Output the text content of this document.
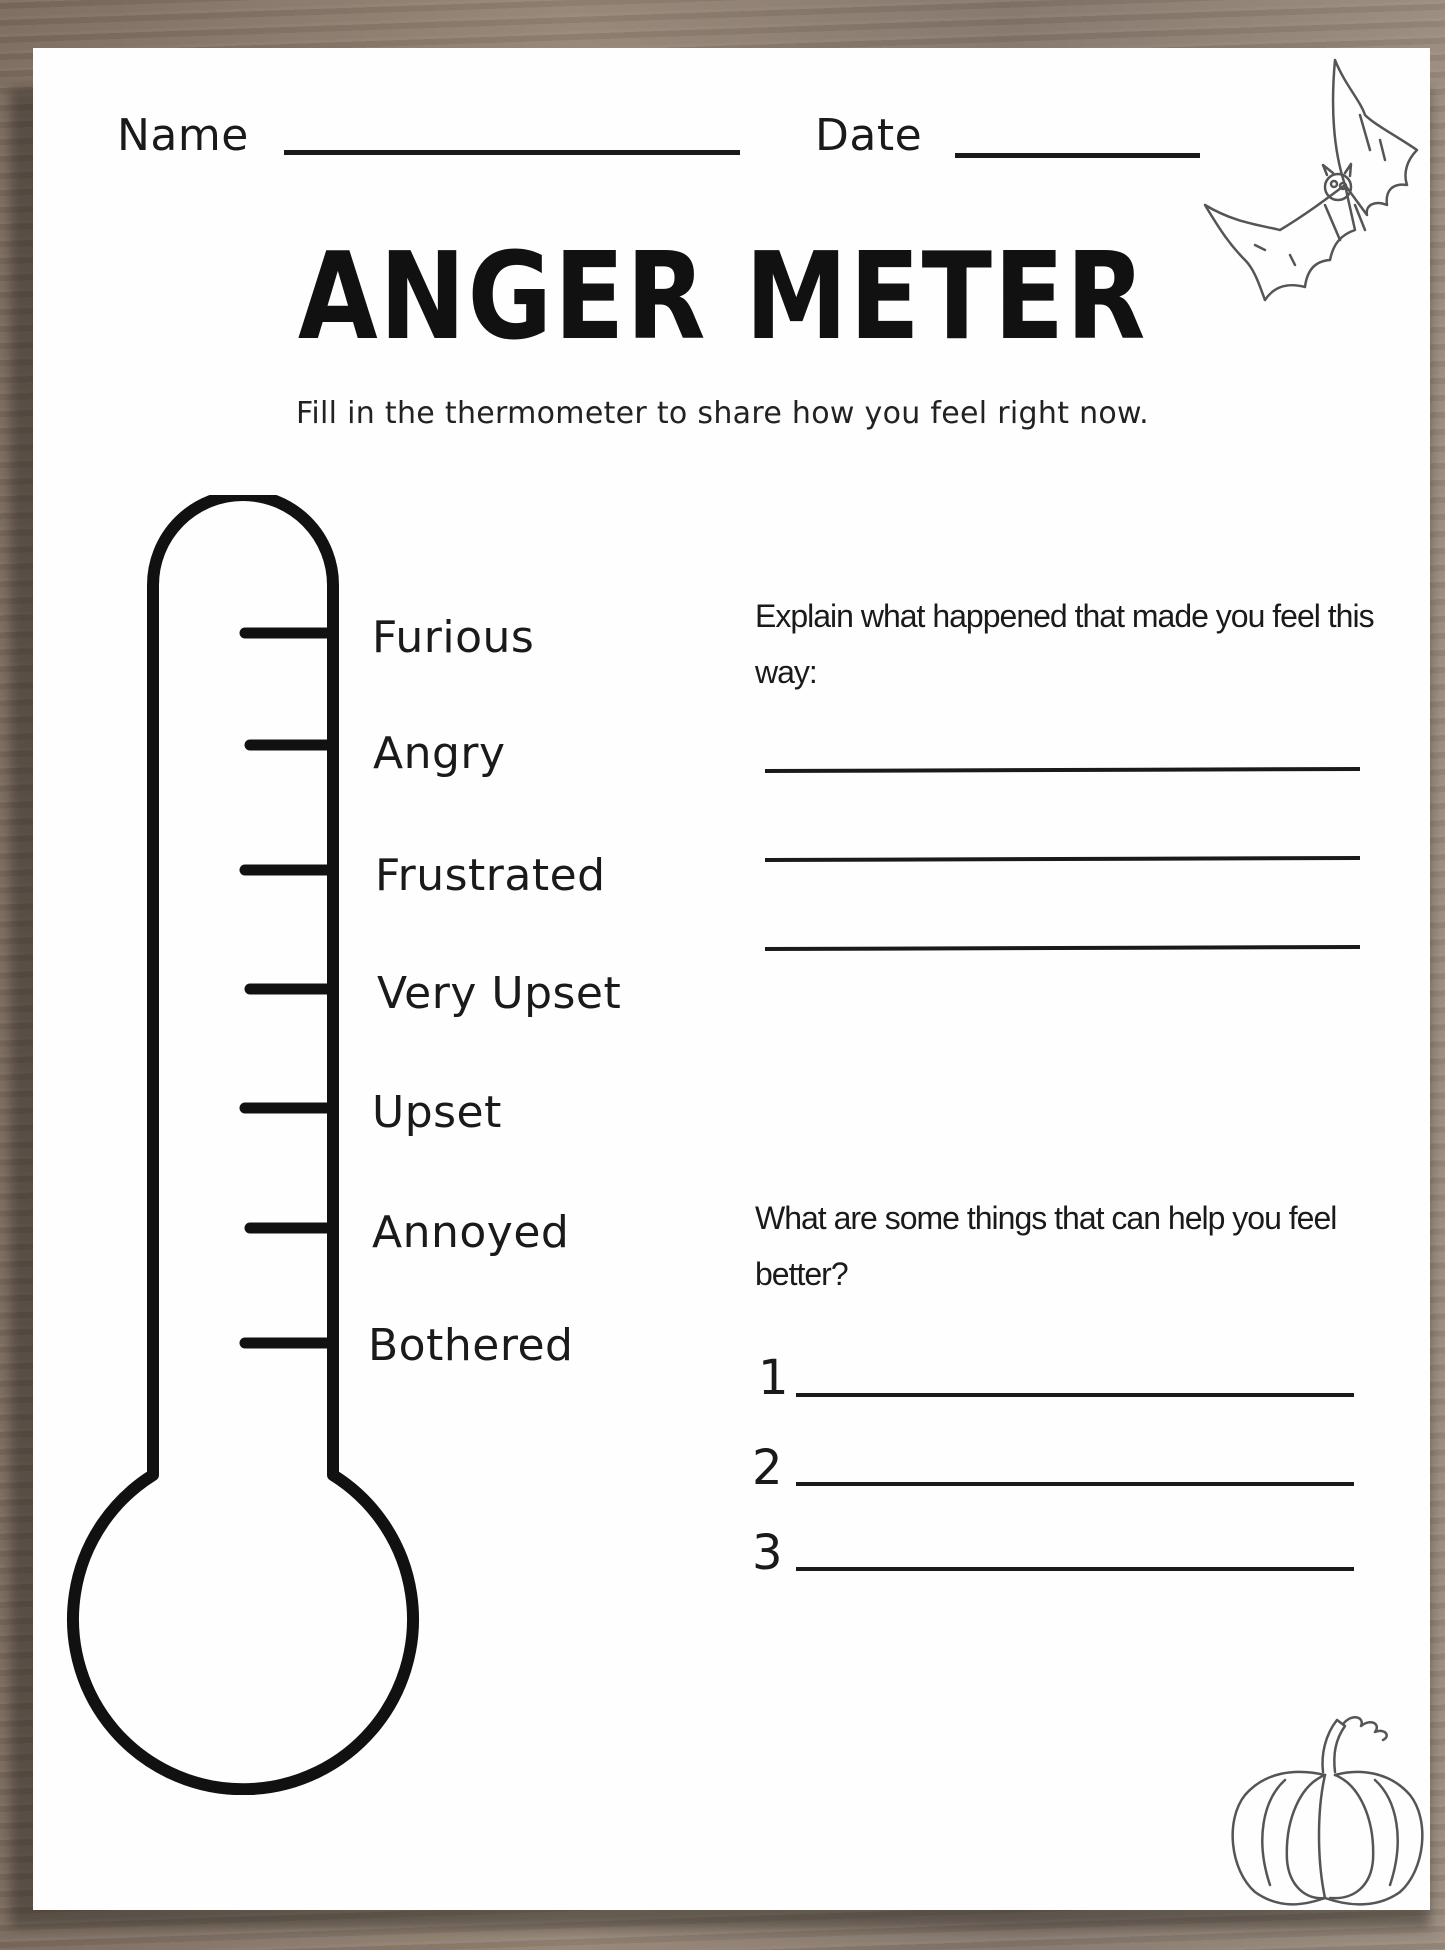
Name	Date
ANGER METER
Fill in the thermometer to share how you feel right now.
Furious
Angry
Frustrated
Very Upset
Upset
Annoyed
Bothered
Explain what happened that made you feel this way:
What are some things that can help you feel better?
1
2
3
